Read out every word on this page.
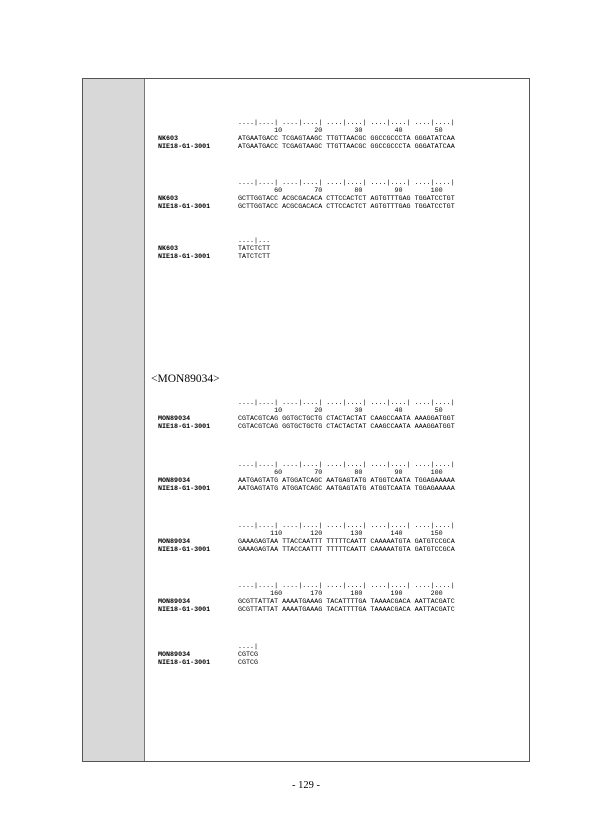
....|....| ....|....| ....|....| ....|....| ....|....|
10        20        30        40        50
NK603	ATGAATGACC TCGAGTAAGC TTGTTAACGC GGCCGCCCTA GGGATATCAA
NIE18-G1-3001	ATGAATGACC TCGAGTAAGC TTGTTAACGC GGCCGCCCTA GGGATATCAA
....|....| ....|....| ....|....| ....|....| ....|....|
60        70        80        90       100
NK603	GCTTGGTACC ACGCGACACA CTTCCACTCT AGTGTTTGAG TGGATCCTGT
NIE18-G1-3001	GCTTGGTACC ACGCGACACA CTTCCACTCT AGTGTTTGAG TGGATCCTGT
....|...
NK603	TATCTCTT
NIE18-G1-3001	TATCTCTT
<MON89034>
....|....| ....|....| ....|....| ....|....| ....|....|
10        20        30        40        50
MON89034	CGTACGTCAG GGTGCTGCTG CTACTACTAT CAAGCCAATA AAAGGATGGT
NIE18-G1-3001	CGTACGTCAG GGTGCTGCTG CTACTACTAT CAAGCCAATA AAAGGATGGT
....|....| ....|....| ....|....| ....|....| ....|....|
60        70        80        90       100
MON89034	AATGAGTATG ATGGATCAGC AATGAGTATG ATGGTCAATA TGGAGAAAAA
NIE18-G1-3001	AATGAGTATG ATGGATCAGC AATGAGTATG ATGGTCAATA TGGAGAAAAA
....|....| ....|....| ....|....| ....|....| ....|....|
110       120       130       140       150
MON89034	GAAAGAGTAA TTACCAATTT TTTTTCAATT CAAAAATGTA GATGTCCGCA
NIE18-G1-3001	GAAAGAGTAA TTACCAATTT TTTTTCAATT CAAAAATGTA GATGTCCGCA
....|....| ....|....| ....|....| ....|....| ....|....|
160       170       180       190       200
MON89034	GCGTTATTAT AAAATGAAAG TACATTTTGA TAAAACGACA AATTACGATC
NIE18-G1-3001	GCGTTATTAT AAAATGAAAG TACATTTTGA TAAAACGACA AATTACGATC
....|
MON89034	CGTCG
NIE18-G1-3001	CGTCG
- 129 -
